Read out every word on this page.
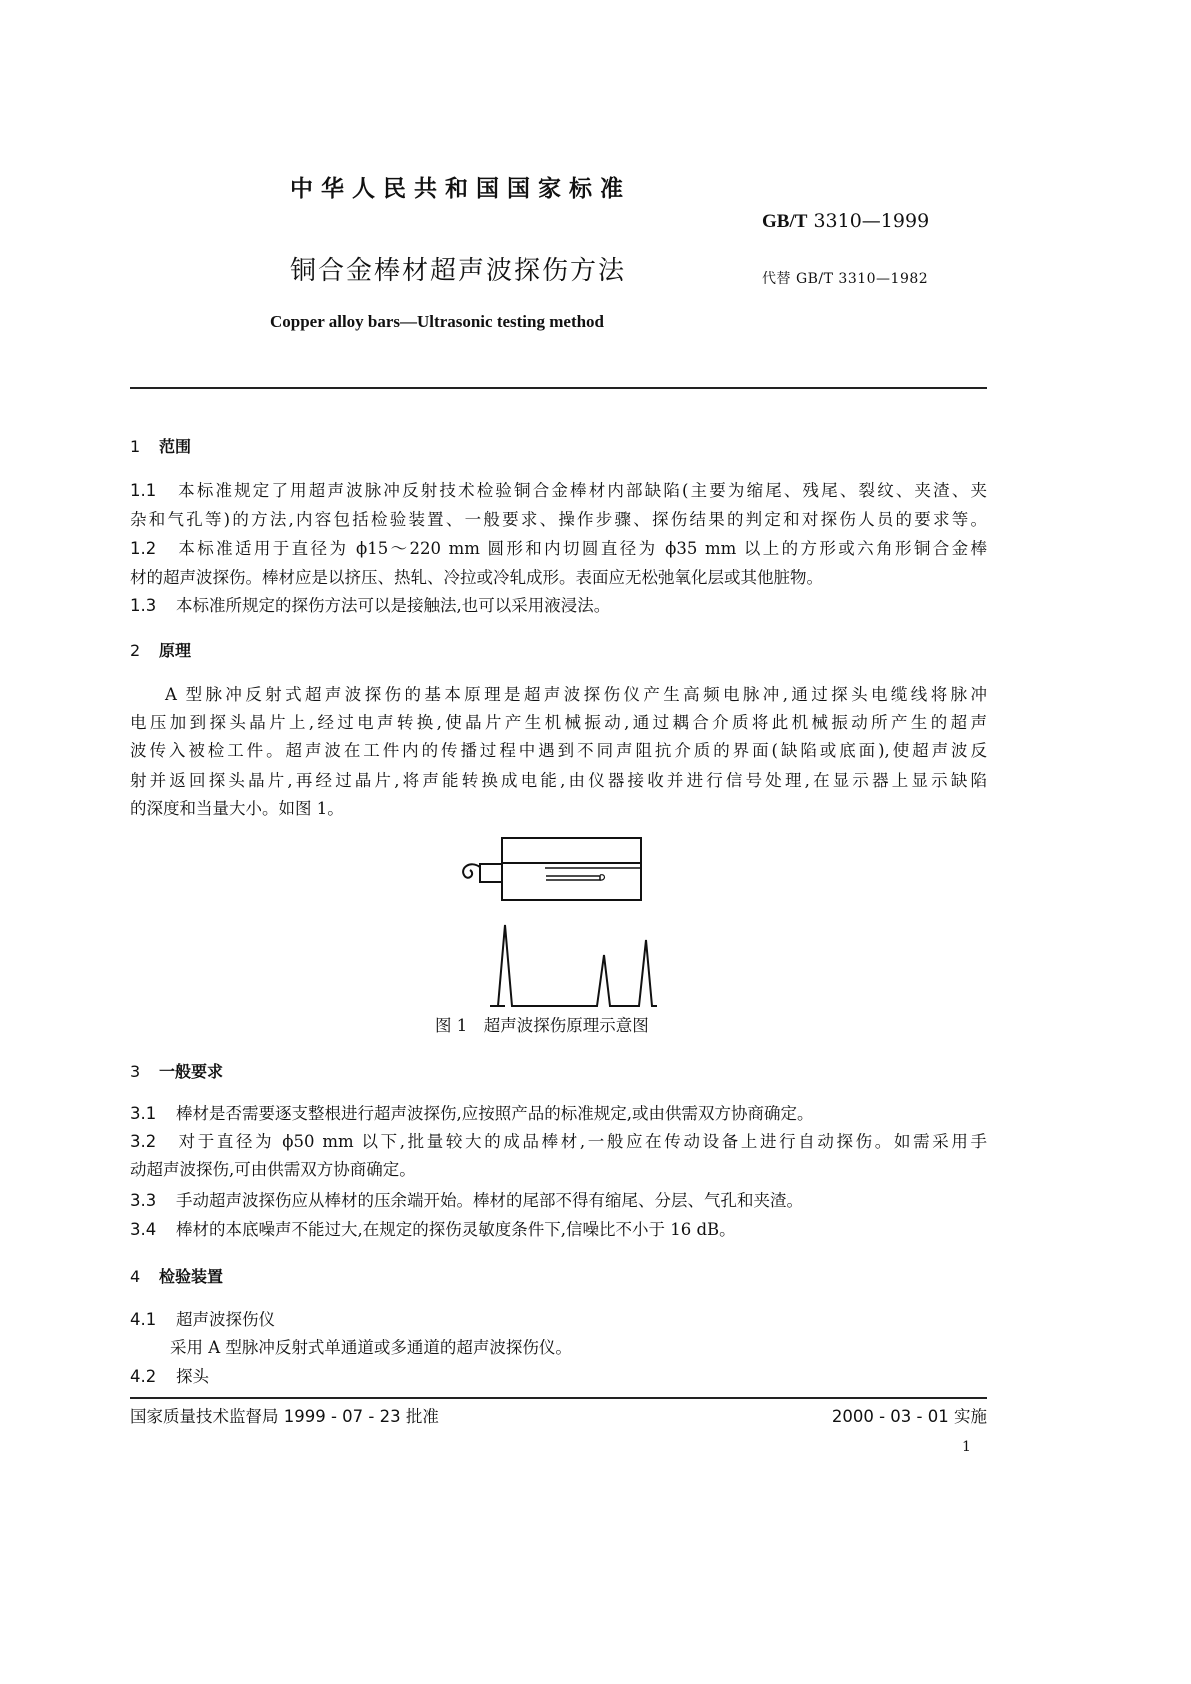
中华人民共和国国家标准
GB/T 3310—1999
铜合金棒材超声波探伤方法	代替 GB/T 3310—1982
Copper alloy bars—Ultrasonic testing method
1 范围
1.1 本标准规定了用超声波脉冲反射技术检验铜合金棒材内部缺陷(主要为缩尾、残尾、裂纹、夹渣、夹
杂和气孔等)的方法,内容包括检验装置、一般要求、操作步骤、探伤结果的判定和对探伤人员的要求等。
1.2 本标准适用于直径为 ϕ15～220 mm 圆形和内切圆直径为 ϕ35 mm 以上的方形或六角形铜合金棒
材的超声波探伤。棒材应是以挤压、热轧、冷拉或冷轧成形。表面应无松弛氧化层或其他脏物。
1.3 本标准所规定的探伤方法可以是接触法,也可以采用液浸法。
2 原理
A 型脉冲反射式超声波探伤的基本原理是超声波探伤仪产生高频电脉冲,通过探头电缆线将脉冲
电压加到探头晶片上,经过电声转换,使晶片产生机械振动,通过耦合介质将此机械振动所产生的超声
波传入被检工件。超声波在工件内的传播过程中遇到不同声阻抗介质的界面(缺陷或底面),使超声波反
射并返回探头晶片,再经过晶片,将声能转换成电能,由仪器接收并进行信号处理,在显示器上显示缺陷
的深度和当量大小。如图 1。
图 1　超声波探伤原理示意图
3 一般要求
3.1 棒材是否需要逐支整根进行超声波探伤,应按照产品的标准规定,或由供需双方协商确定。
3.2 对于直径为 ϕ50 mm 以下,批量较大的成品棒材,一般应在传动设备上进行自动探伤。如需采用手
动超声波探伤,可由供需双方协商确定。
3.3 手动超声波探伤应从棒材的压余端开始。棒材的尾部不得有缩尾、分层、气孔和夹渣。
3.4 棒材的本底噪声不能过大,在规定的探伤灵敏度条件下,信噪比不小于 16 dB。
4 检验装置
4.1 超声波探伤仪
采用 A 型脉冲反射式单通道或多通道的超声波探伤仪。
4.2 探头
国家质量技术监督局 1999 - 07 - 23 批准	2000 - 03 - 01 实施
1
